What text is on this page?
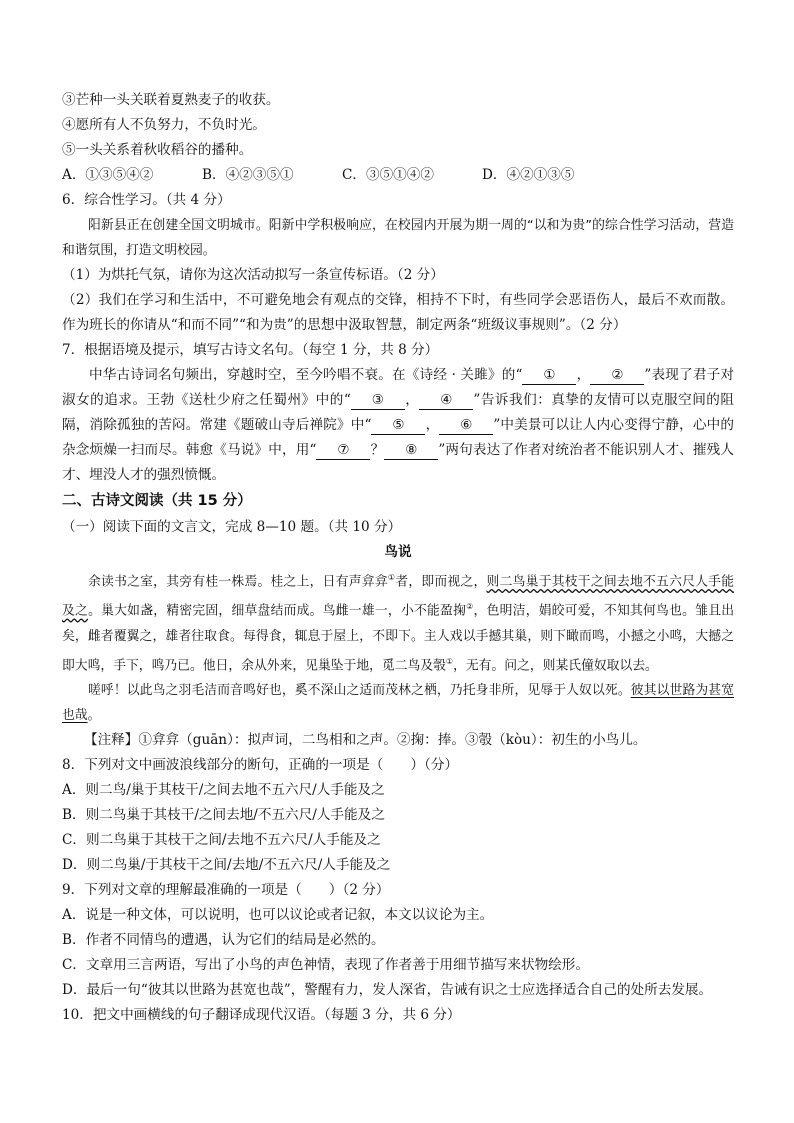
③芒种一头关联着夏熟麦子的收获。
④愿所有人不负努力，不负时光。
⑤一头关系着秋收稻谷的播种。
A．①③⑤④②	B．④②③⑤①	C．③⑤①④②	D．④②①③⑤
6．综合性学习。（共 4 分）
阳新县正在创建全国文明城市。阳新中学积极响应，在校园内开展为期一周的“以和为贵”的综合性学习活动，营造和谐氛围，打造文明校园。
（1）为烘托气氛，请你为这次活动拟写一条宣传标语。（2 分）
（2）我们在学习和生活中，不可避免地会有观点的交锋，相持不下时，有些同学会恶语伤人，最后不欢而散。作为班长的你请从“和而不同”“和为贵”的思想中汲取智慧，制定两条“班级议事规则”。（2 分）
7．根据语境及提示，填写古诗文名句。（每空 1 分，共 8 分）
中华古诗词名句频出，穿越时空，至今吟唱不衰。在《诗经 · 关雎》的“ ① ， ② ”表现了君子对淑女的追求。王勃《送杜少府之任蜀州》中的“ ③ ， ④ ”告诉我们：真挚的友情可以克服空间的阻隔，消除孤独的苦闷。常建《题破山寺后禅院》中“ ⑤ ， ⑥ ”中美景可以让人内心变得宁静，心中的杂念烦燥一扫而尽。韩愈《马说》中，用“ ⑦ ？ ⑧ ”两句表达了作者对统治者不能识别人才、摧残人才、埋没人才的强烈愤慨。
二、古诗文阅读（共 15 分）
（一）阅读下面的文言文，完成 8—10 题。（共 10 分）
鸟说
余读书之室，其旁有桂一株焉。桂之上，日有声弇弇①者，即而视之，则二鸟巢于其枝干之间去地不五六尺人手能及之。巢大如盏，精密完固，细草盘结而成。鸟雌一雄一，小不能盈掬②，色明洁，娟皎可爱，不知其何鸟也。雏且出矣，雌者覆翼之，雄者往取食。每得食，辄息于屋上，不即下。主人戏以手撼其巢，则下瞰而鸣，小撼之小鸣，大撼之即大鸣，手下，鸣乃已。他日，余从外来，见巢坠于地，觅二鸟及彀①，无有。问之，则某氏僮奴取以去。
嗟呼！以此鸟之羽毛洁而音鸣好也，奚不深山之适而茂林之栖，乃托身非所，见辱于人奴以死。彼其以世路为甚宽也哉。
【注释】①弇弇（guān）：拟声词，二鸟相和之声。②掬：捧。③彀（kòu）：初生的小鸟儿。
8．下列对文中画波浪线部分的断句，正确的一项是（　　）（分）
A．则二鸟/巢于其枝干/之间去地不五六尺/人手能及之
B．则二鸟巢于其枝干/之间去地/不五六尺/人手能及之
C．则二鸟巢于其枝干之间/去地不五六尺/人手能及之
D．则二鸟巢/于其枝干之间/去地/不五六尺/人手能及之
9．下列对文章的理解最准确的一项是（　　）（2 分）
A．说是一种文体，可以说明，也可以议论或者记叙，本文以议论为主。
B．作者不同情鸟的遭遇，认为它们的结局是必然的。
C．文章用三言两语，写出了小鸟的声色神情，表现了作者善于用细节描写来状物绘形。
D．最后一句“彼其以世路为甚宽也哉”，警醒有力，发人深省，告诫有识之士应选择适合自己的处所去发展。
10．把文中画横线的句子翻译成现代汉语。（每题 3 分，共 6 分）
